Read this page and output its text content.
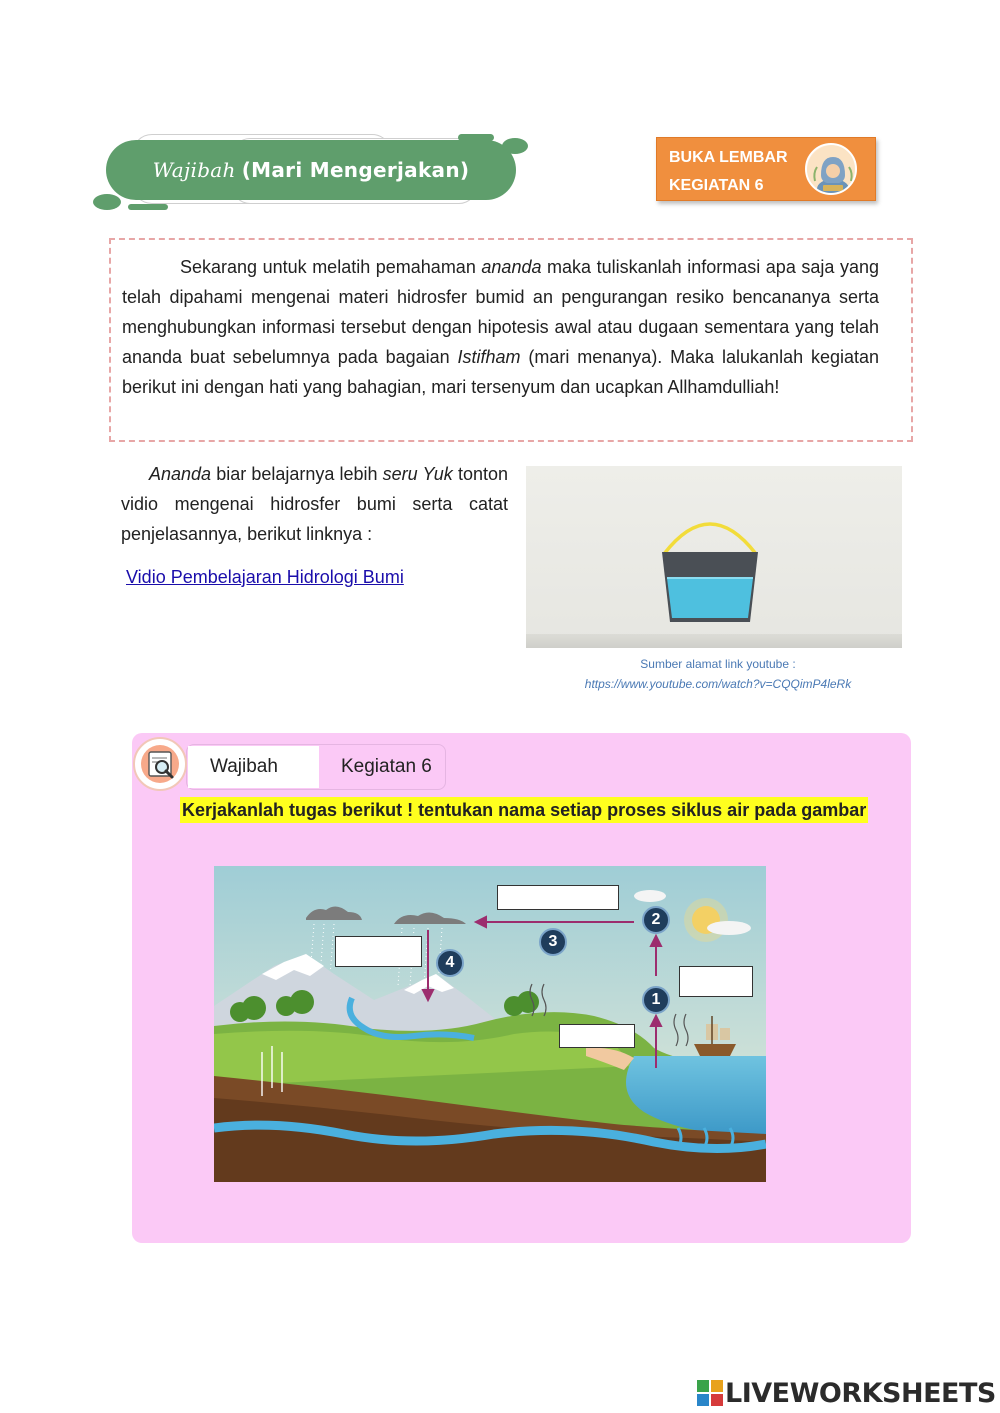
Wajibah (Mari Mengerjakan)
BUKA LEMBAR
KEGIATAN 6

Sekarang untuk melatih pemahaman ananda maka tuliskanlah informasi apa saja yang telah dipahami mengenai materi hidrosfer bumid an pengurangan resiko bencananya serta menghubungkan informasi tersebut dengan hipotesis awal atau dugaan sementara yang telah ananda buat sebelumnya pada bagaian Istifham (mari menanya). Maka lalukanlah kegiatan berikut ini dengan hati yang bahagian, mari tersenyum dan ucapkan Allhamdulliah!

Ananda biar belajarnya lebih seru Yuk tonton vidio mengenai hidrosfer bumi serta catat penjelasannya, berikut linknya :
Vidio Pembelajaran Hidrologi Bumi
Sumber alamat link youtube :
https://www.youtube.com/watch?v=CQQimP4leRk
Wajibah	Kegiatan 6
Kerjakanlah tugas berikut ! tentukan nama setiap proses siklus air pada gambar
1
2
3
4
LIVEWORKSHEETS
